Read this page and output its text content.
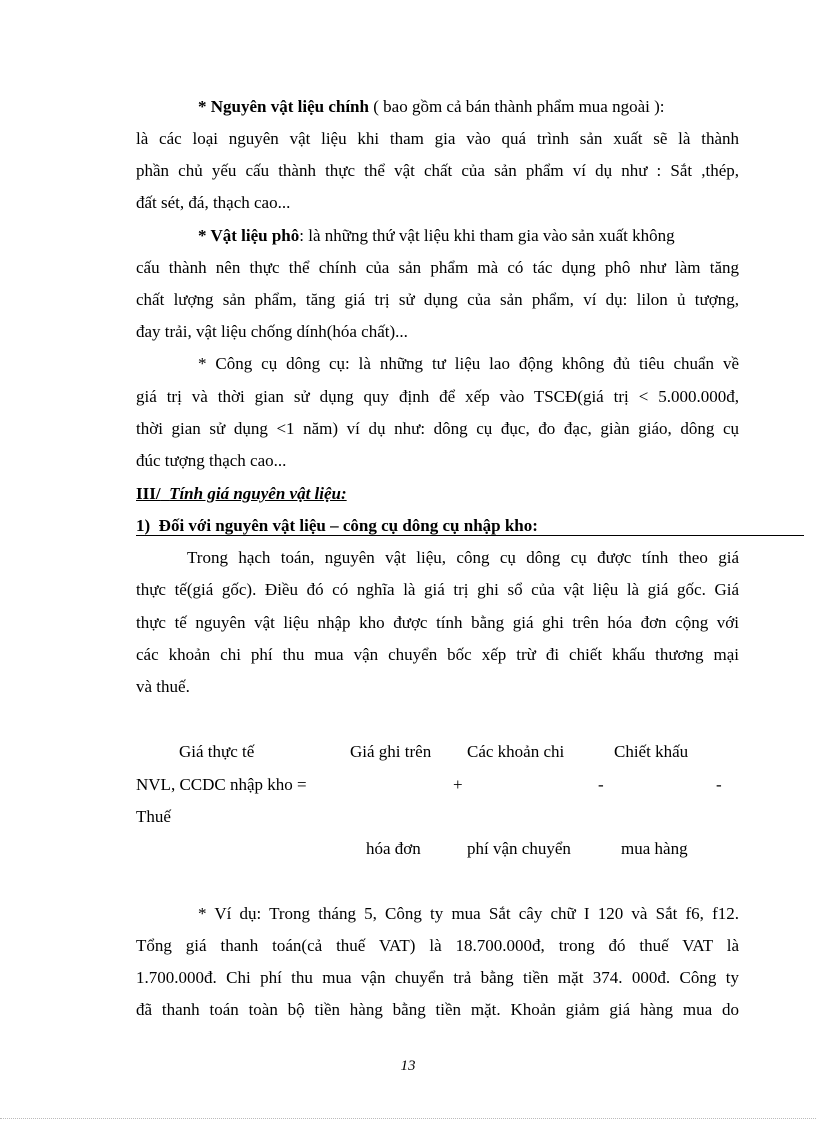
* Nguyên vật liệu chính ( bao gồm cả bán thành phẩm mua ngoài ):
là các loại nguyên vật liệu khi tham gia vào quá trình sản xuất sẽ là thành
phần chủ yếu cấu thành thực thể vật chất của sản phẩm ví dụ như : Sắt ,thép,
đất sét, đá, thạch cao...
* Vật liệu phô: là những thứ vật liệu khi tham gia vào sản xuất không
cấu thành nên thực thể chính của sản phẩm mà có tác dụng phô như làm tăng
chất lượng sản phẩm, tăng giá trị sử dụng của sản phẩm, ví dụ: lilon ủ tượng,
đay trải, vật liệu chống dính(hóa chất)...
* Công cụ dông cụ: là những tư liệu lao động không đủ tiêu chuẩn về
giá trị và thời gian sử dụng quy định để xếp vào TSCĐ(giá trị < 5.000.000đ,
thời gian sử dụng <1 năm) ví dụ như: dông cụ đục, đo đạc, giàn giáo, dông cụ
đúc tượng thạch cao...
III/ Tính giá nguyên vật liệu:
1) Đối với nguyên vật liệu – công cụ dông cụ nhập kho:
Trong hạch toán, nguyên vật liệu, công cụ dông cụ được tính theo giá
thực tế(giá gốc). Điều đó có nghĩa là giá trị ghi sổ của vật liệu là giá gốc. Giá
thực tế nguyên vật liệu nhập kho được tính bằng giá ghi trên hóa đơn cộng với
các khoản chi phí thu mua vận chuyển bốc xếp trừ đi chiết khấu thương mại
và thuế.
Giá thực tế	Giá ghi trên Các khoản chi	Chiết khấu
NVL, CCDC nhập kho =	+	-	-
Thuế
hóa đơn	phí vận chuyển	mua hàng
* Ví dụ: Trong tháng 5, Công ty mua Sắt cây chữ I 120 và Sắt f6, f12.
Tổng giá thanh toán(cả thuế VAT) là 18.700.000đ, trong đó thuế VAT là
1.700.000đ. Chi phí thu mua vận chuyển trả bằng tiền mặt 374. 000đ. Công ty
đã thanh toán toàn bộ tiền hàng bằng tiền mặt. Khoản giảm giá hàng mua do
13
